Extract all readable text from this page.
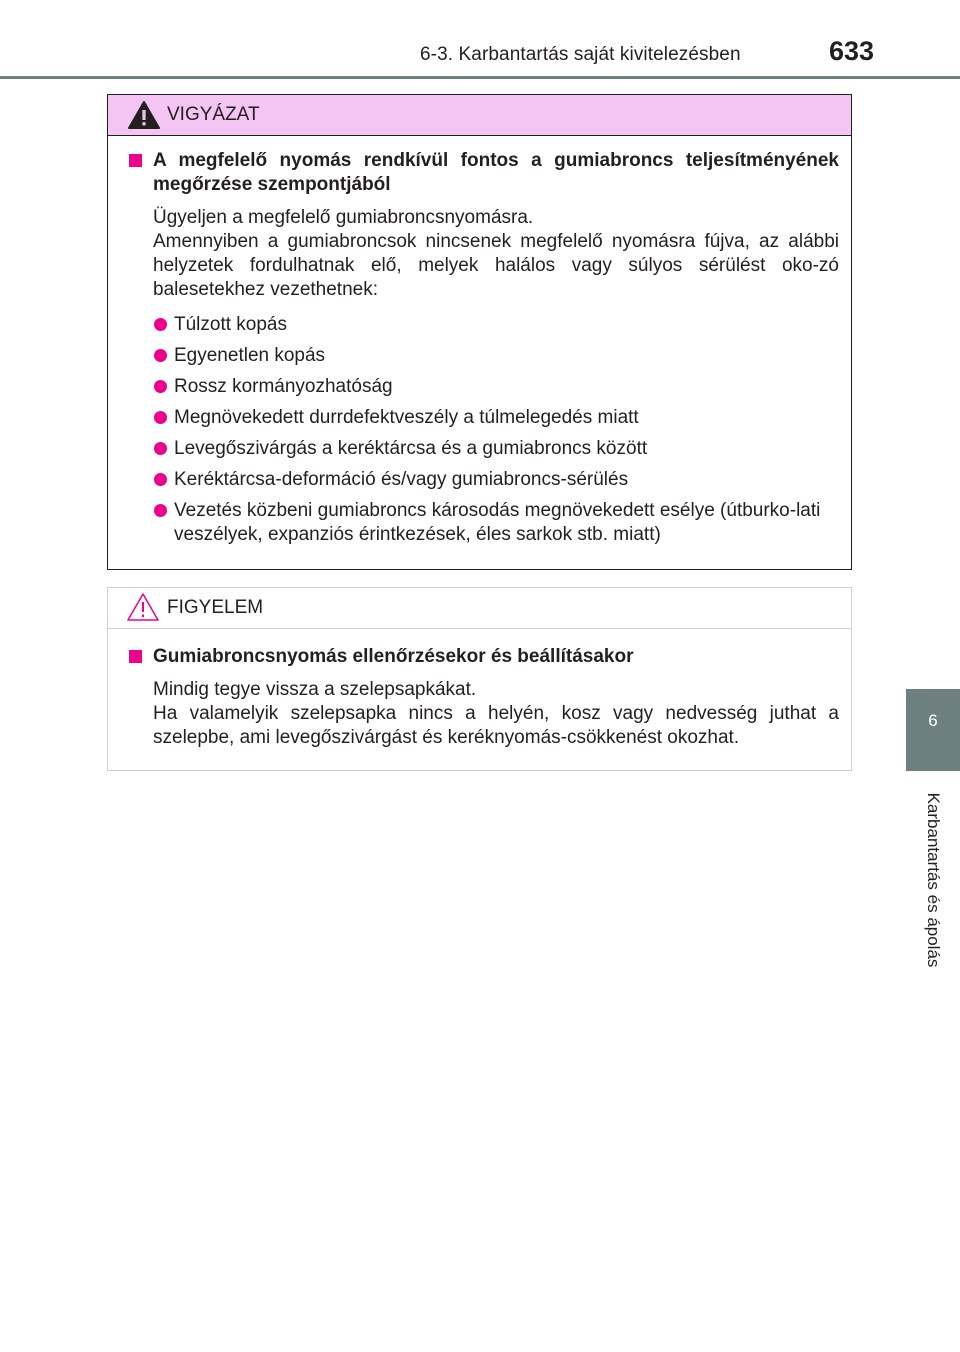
6-3. Karbantartás saját kivitelezésben	633
6
Karbantartás és ápolás
VIGYÁZAT
A megfelelő nyomás rendkívül fontos a gumiabroncs teljesítményének megőrzése szempontjából

Ügyeljen a megfelelő gumiabroncsnyomásra.

Amennyiben a gumiabroncsok nincsenek megfelelő nyomásra fújva, az alábbi helyzetek fordulhatnak elő, melyek halálos vagy súlyos sérülést oko-zó balesetekhez vezethetnek:

Túlzott kopás
Egyenetlen kopás
Rossz kormányozhatóság
Megnövekedett durrdefektveszély a túlmelegedés miatt
Levegőszivárgás a keréktárcsa és a gumiabroncs között
Keréktárcsa-deformáció és/vagy gumiabroncs-sérülés
Vezetés közbeni gumiabroncs károsodás megnövekedett esélye (útburko-lati veszélyek, expanziós érintkezések, éles sarkok stb. miatt)
FIGYELEM
Gumiabroncsnyomás ellenőrzésekor és beállításakor

Mindig tegye vissza a szelepsapkákat.

Ha valamelyik szelepsapka nincs a helyén, kosz vagy nedvesség juthat a szelepbe, ami levegőszivárgást és keréknyomás-csökkenést okozhat.
